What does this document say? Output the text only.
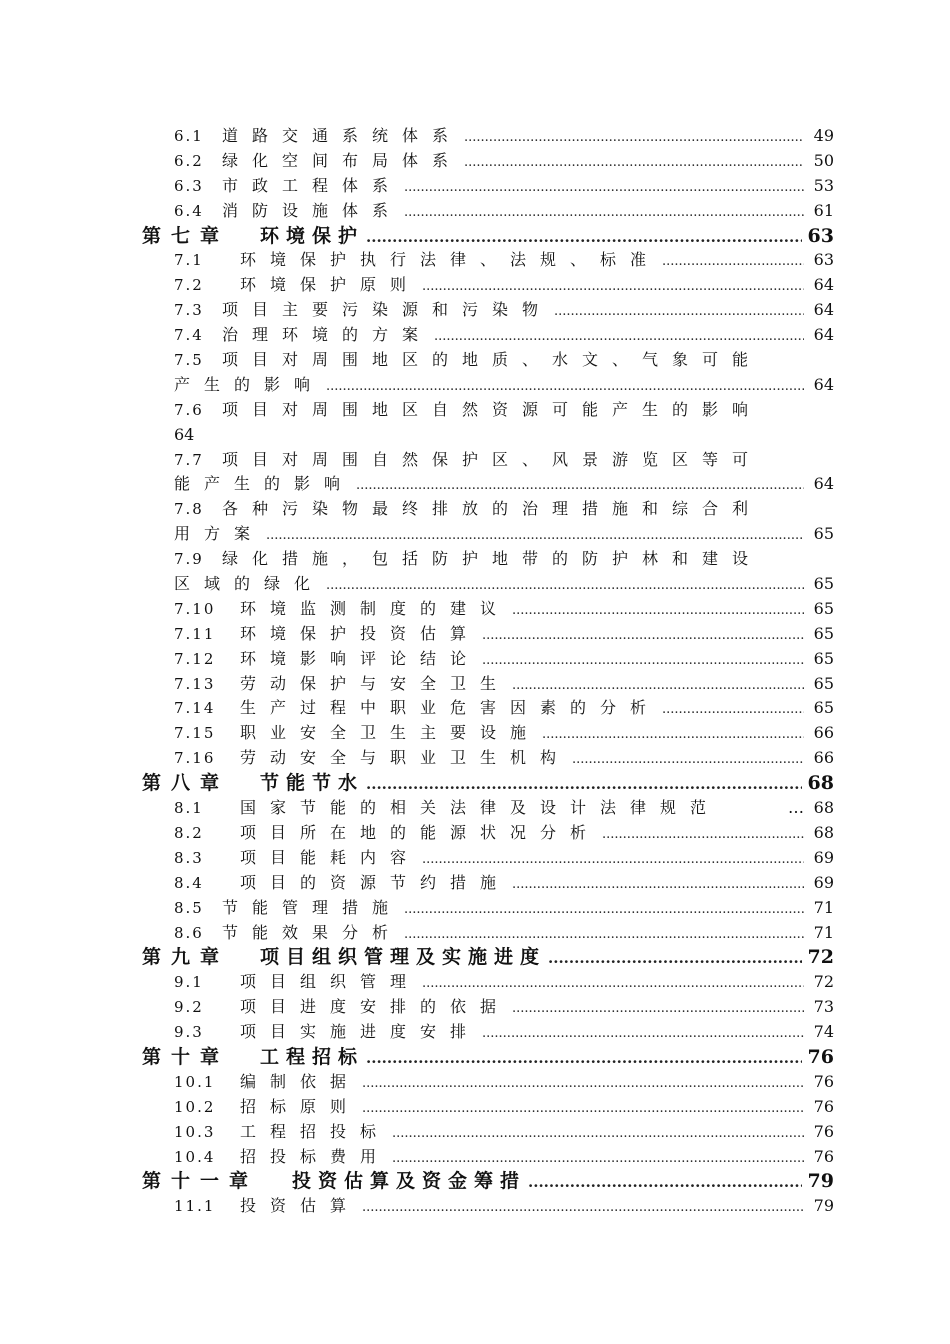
6.1	道路交通系统体系 .....	49
6.2	绿化空间布局体系 .....	50
6.3	市政工程体系 .....	53
6.4	消防设施体系 .....	61
第七章	环境保护 .....	63
7.1	环境保护执行法律、法规、标准 .....	63
7.2	环境保护原则 .....	64
7.3	项目主要污染源和污染物 .....	64
7.4	治理环境的方案 .....	64
7.5 项目对周围地区的地质、水文、气象可能
产生的影响 .....	64
7.6 项目对周围地区自然资源可能产生的影响
64
7.7 项目对周围自然保护区、风景游览区等可
能产生的影响 .....	64
7.8 各种污染物最终排放的治理措施和综合利
用方案 .....	65
7.9 绿化措施，包括防护地带的防护林和建设
区域的绿化 .....	65
7.10	环境监测制度的建议 .....	65
7.11	环境保护投资估算 .....	65
7.12	环境影响评论结论 .....	65
7.13	劳动保护与安全卫生 .....	65
7.14	生产过程中职业危害因素的分析 .....	65
7.15	职业安全卫生主要设施 .....	66
7.16	劳动安全与职业卫生机构 .....	66
第八章	节能节水 .....	68
8.1	国家节能的相关法律及设计法律规范	… 68
8.2	项目所在地的能源状况分析 .....	68
8.3	项目能耗内容 .....	69
8.4	项目的资源节约措施 .....	69
8.5	节能管理措施 .....	71
8.6	节能效果分析 .....	71
第九章	项目组织管理及实施进度 .....	72
9.1	项目组织管理 .....	72
9.2	项目进度安排的依据 .....	73
9.3	项目实施进度安排 .....	74
第十章	工程招标 .....	76
10.1	编制依据 .....	76
10.2	招标原则 .....	76
10.3	工程招投标 .....	76
10.4	招投标费用 .....	76
第十一章	投资估算及资金筹措 .....	79
11.1	投资估算 .....	79
